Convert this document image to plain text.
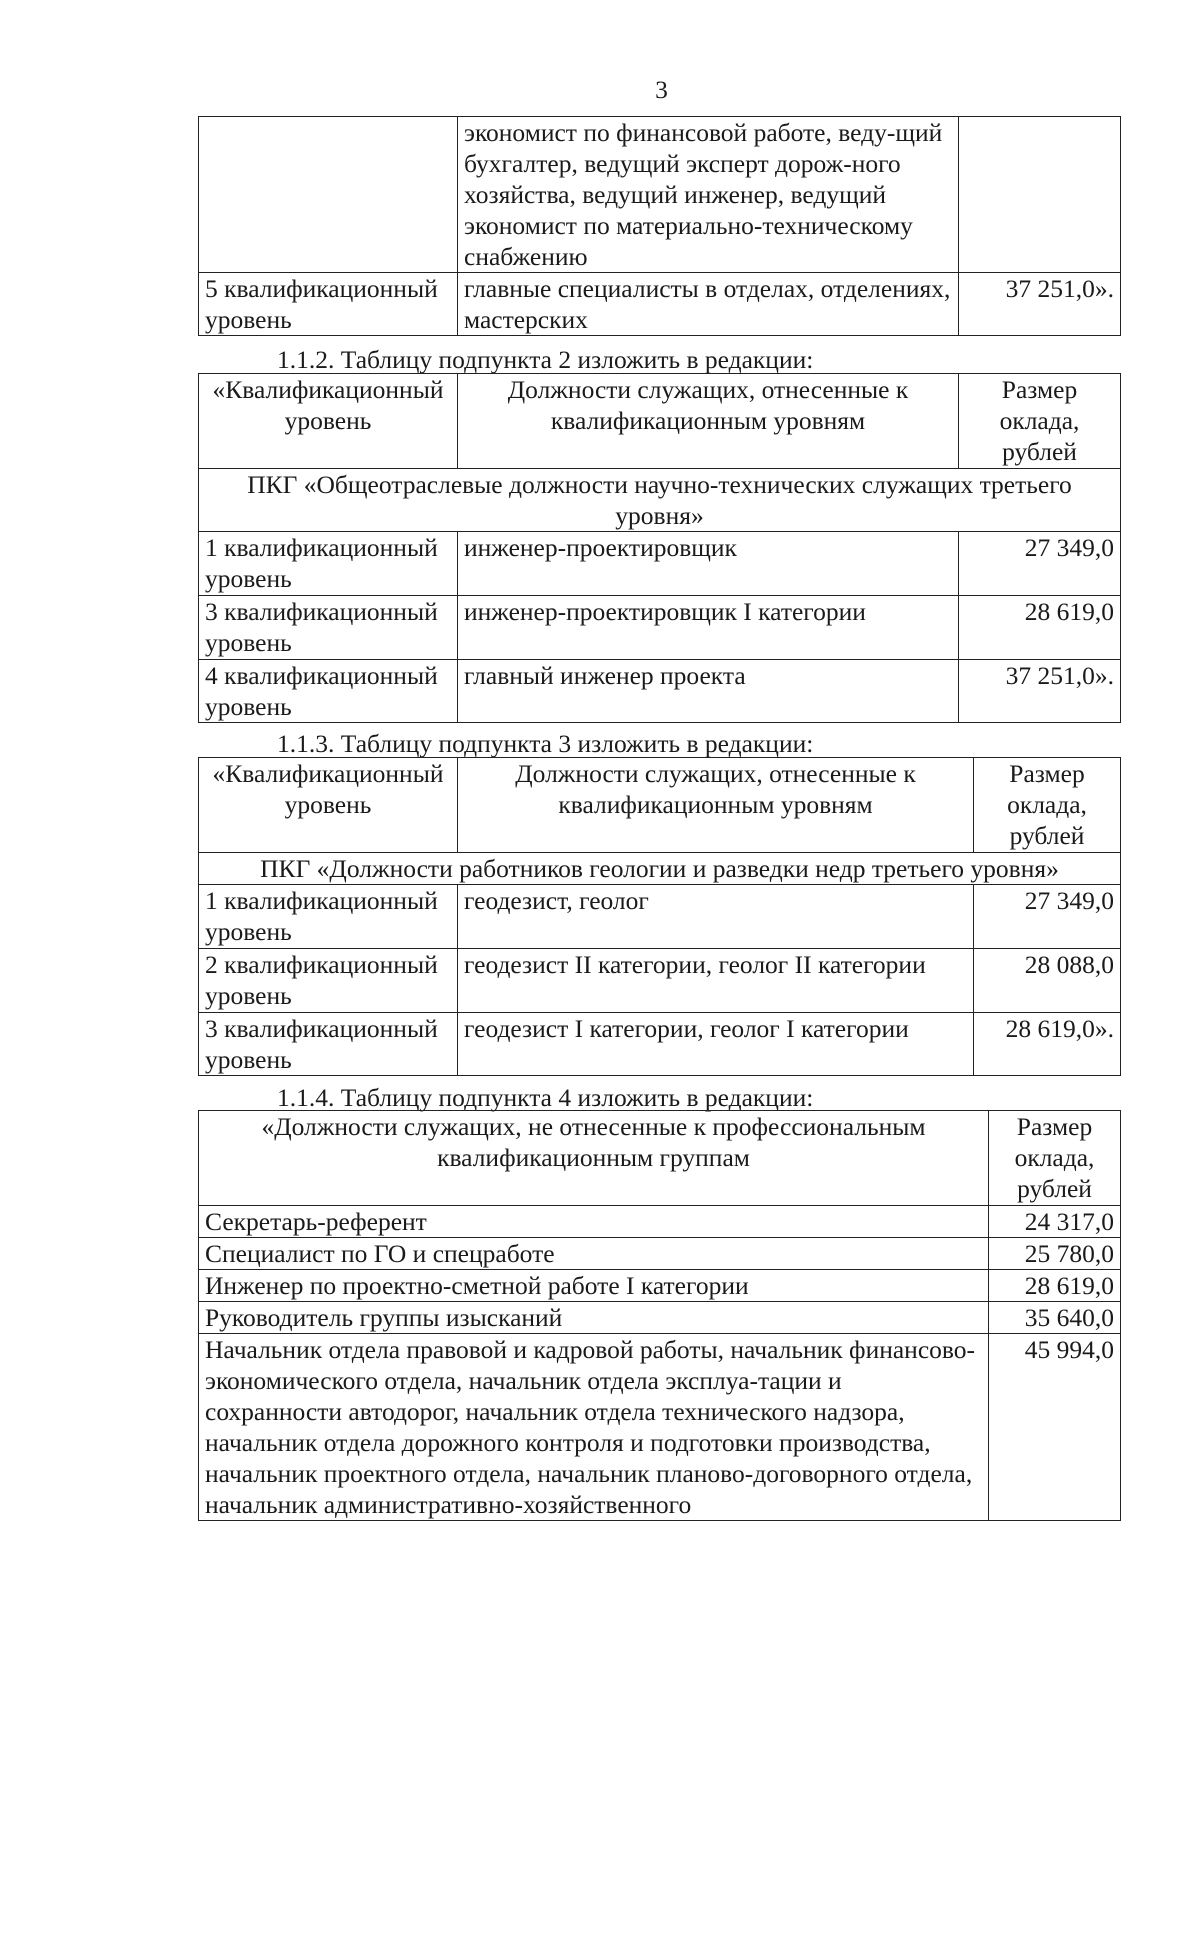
3
	экономист по финансовой работе, веду-щий бухгалтер, ведущий эксперт дорож-ного хозяйства, ведущий инженер, ведущий экономист по материально-техническому снабжению	
5 квалификационный уровень	главные специалисты в отделах, отделениях, мастерских	37 251,0».
1.1.2. Таблицу подпункта 2 изложить в редакции:
«Квалификационный уровень	Должности служащих, отнесенные к квалификационным уровням	Размер оклада, рублей
ПКГ «Общеотраслевые должности научно-технических служащих третьего уровня»		
1 квалификационный уровень	инженер-проектировщик	27 349,0
3 квалификационный уровень	инженер-проектировщик I категории	28 619,0
4 квалификационный уровень	главный инженер проекта	37 251,0».
1.1.3. Таблицу подпункта 3 изложить в редакции:
«Квалификационный уровень	Должности служащих, отнесенные к квалификационным уровням	Размер оклада, рублей
ПКГ «Должности работников геологии и разведки недр третьего уровня»		
1 квалификационный уровень	геодезист, геолог	27 349,0
2 квалификационный уровень	геодезист II категории, геолог II категории	28 088,0
3 квалификационный уровень	геодезист I категории, геолог I категории	28 619,0».
1.1.4. Таблицу подпункта 4 изложить в редакции:
«Должности служащих, не отнесенные к профессиональным квалификационным группам	Размер оклада, рублей
Секретарь-референт	24 317,0
Специалист по ГО и спецработе	25 780,0
Инженер по проектно-сметной работе I категории	28 619,0
Руководитель группы изысканий	35 640,0
Начальник отдела правовой и кадровой работы, начальник финансово-экономического отдела, начальник отдела эксплуа-тации и сохранности автодорог, начальник отдела технического надзора, начальник отдела дорожного контроля и подготовки производства, начальник проектного отдела, начальник планово-договорного отдела, начальник административно-хозяйственного	45 994,0
